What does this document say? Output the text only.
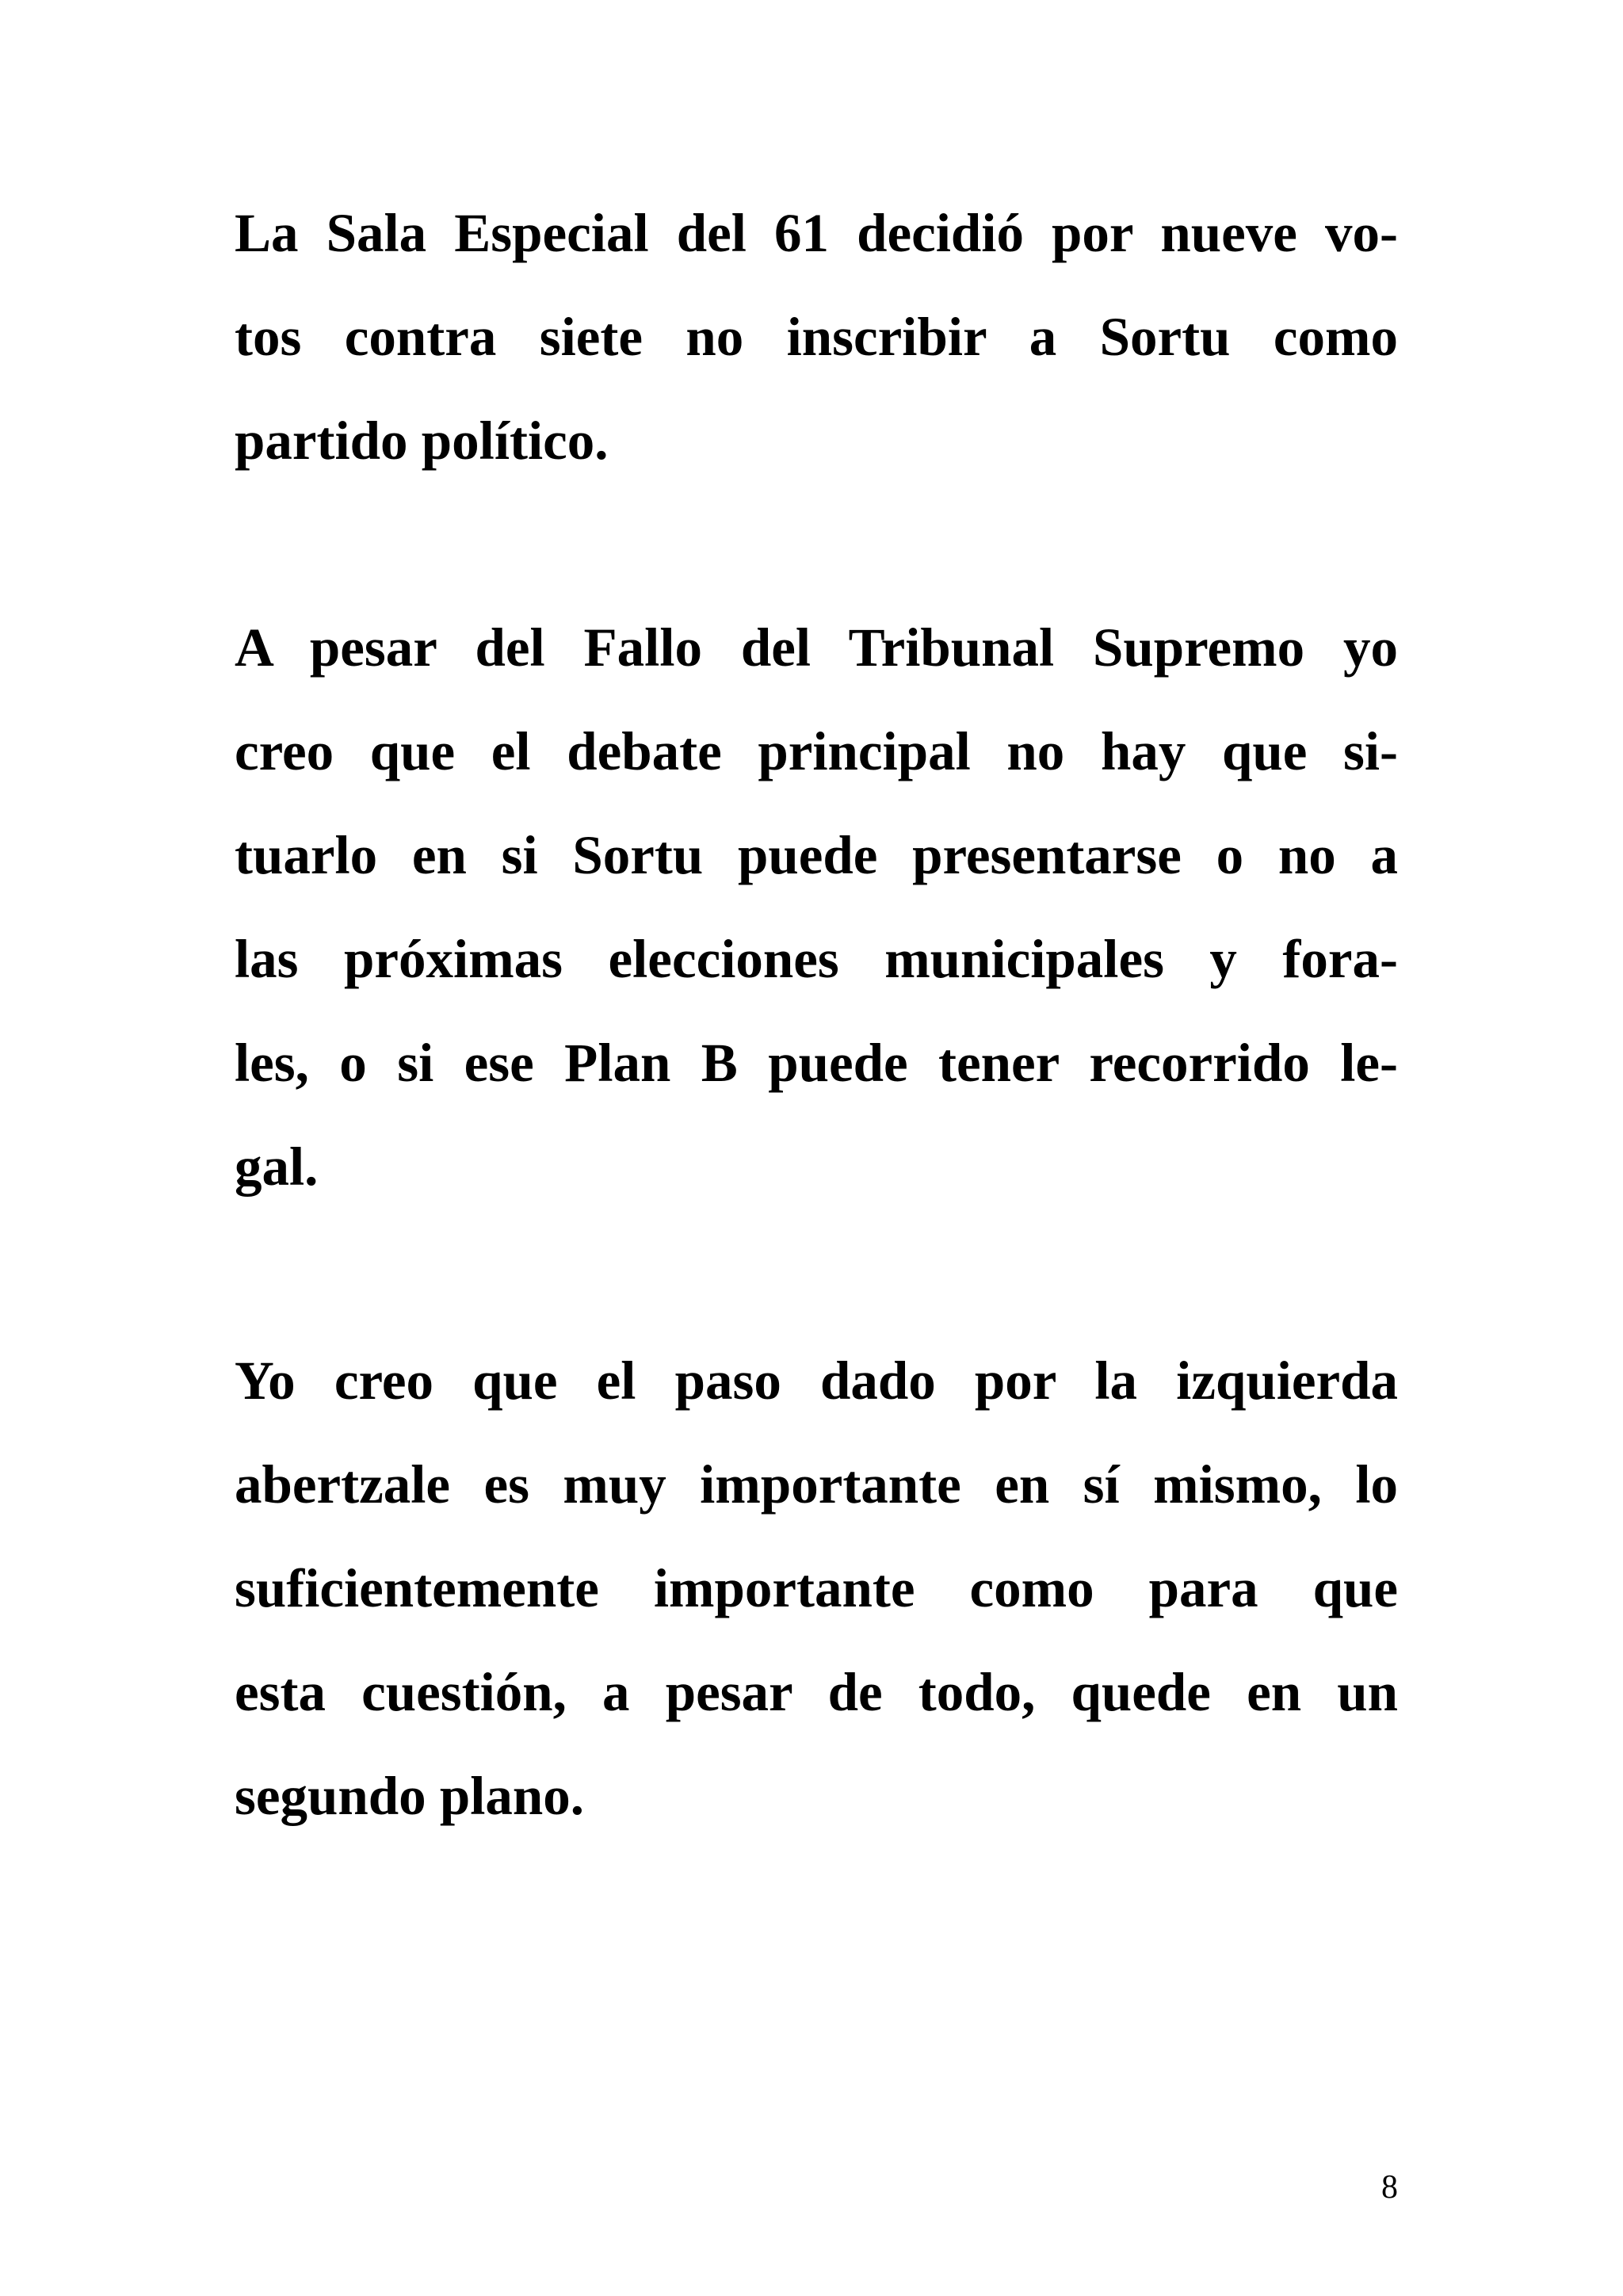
La Sala Especial del 61 decidió por nueve vo-
tos contra siete no inscribir a Sortu como
partido político.
A pesar del Fallo del Tribunal Supremo yo
creo que el debate principal no hay que si-
tuarlo en si Sortu puede presentarse o no a
las próximas elecciones municipales y fora-
les, o si ese Plan B puede tener recorrido le-
gal.
Yo creo que el paso dado por la izquierda
abertzale es muy importante en sí mismo, lo
suficientemente importante como para que
esta cuestión, a pesar de todo, quede en un
segundo plano.
8
